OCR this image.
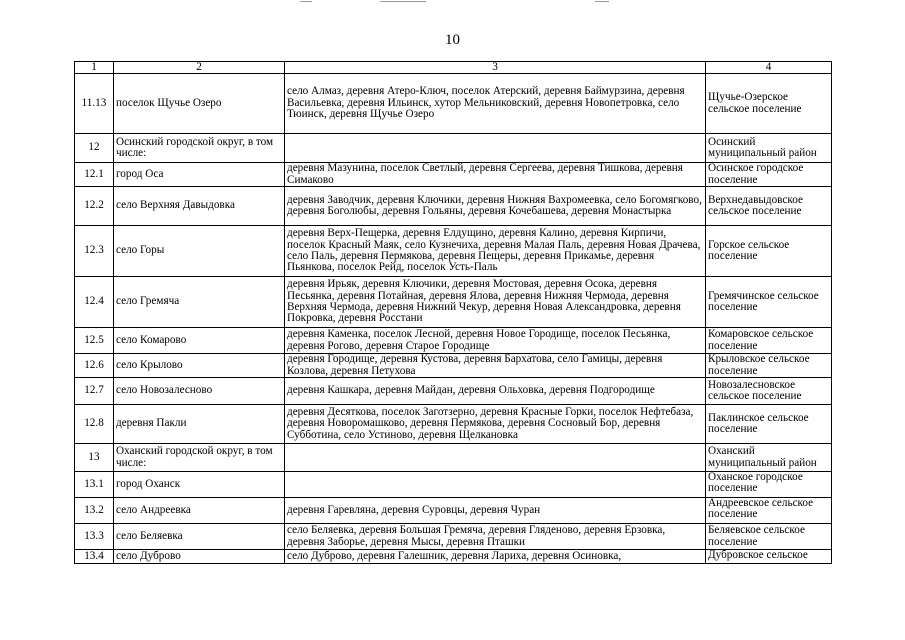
10
1	2	3	4
11.13	поселок Щучье Озеро	село Алмаз, деревня Атеро-Ключ, поселок Атерский, деревня Баймурзина, деревня Васильевка, деревня Ильинск, хутор Мельниковский, деревня Новопетровка, село Тюинск, деревня Щучье Озеро	Щучье-Озерское сельское поселение
12	Осинский городской округ, в том числе:		Осинский муниципальный район
12.1	город Оса	деревня Мазунина, поселок Светлый, деревня Сергеева, деревня Тишкова, деревня Симаково	Осинское городское поселение
12.2	село Верхняя Давыдовка	деревня Заводчик, деревня Ключики, деревня Нижняя Вахромеевка, село Богомягково, деревня Боголюбы, деревня Гольяны, деревня Кочебашева, деревня Монастырка	Верхнедавыдовское сельское поселение
12.3	село Горы	деревня Верх-Пещерка, деревня Елдущино, деревня Калино, деревня Кирпичи, поселок Красный Маяк, село Кузнечиха, деревня Малая Паль, деревня Новая Драчева, село Паль, деревня Пермякова, деревня Пещеры, деревня Прикамье, деревня Пьянкова, поселок Рейд, поселок Усть-Паль	Горское сельское поселение
12.4	село Гремяча	деревня Ирьяк, деревня Ключики, деревня Мостовая, деревня Осока, деревня Песьянка, деревня Потайная, деревня Ялова, деревня Нижняя Чермода, деревня Верхняя Чермода, деревня Нижний Чекур, деревня Новая Александровка, деревня Покровка, деревня Росстани	Гремячинское сельское поселение
12.5	село Комарово	деревня Каменка, поселок Лесной, деревня Новое Городище, поселок Песьянка, деревня Рогово, деревня Старое Городище	Комаровское сельское поселение
12.6	село Крылово	деревня Городище, деревня Кустова, деревня Бархатова, село Гамицы, деревня Козлова, деревня Петухова	Крыловское сельское поселение
12.7	село Новозалесново	деревня Кашкара, деревня Майдан, деревня Ольховка, деревня Подгородище	Новозалесновское сельское поселение
12.8	деревня Пакли	деревня Десяткова, поселок Заготзерно, деревня Красные Горки, поселок Нефтебаза, деревня Новоромашково, деревня Пермякова, деревня Сосновый Бор, деревня Субботина, село Устиново, деревня Щелкановка	Паклинское сельское поселение
13	Оханский городской округ, в том числе:		Оханский муниципальный район
13.1	город Оханск		Оханское городское поселение
13.2	село Андреевка	деревня Гаревляна, деревня Суровцы, деревня Чуран	Андреевское сельское поселение
13.3	село Беляевка	село Беляевка, деревня Большая Гремяча, деревня Гляденово, деревня Ерзовка, деревня Заборье, деревня Мысы, деревня Пташки	Беляевское сельское поселение
13.4	село Дуброво	село Дуброво, деревня Галешник, деревня Лариха, деревня Осиновка,	Дубровское сельское
